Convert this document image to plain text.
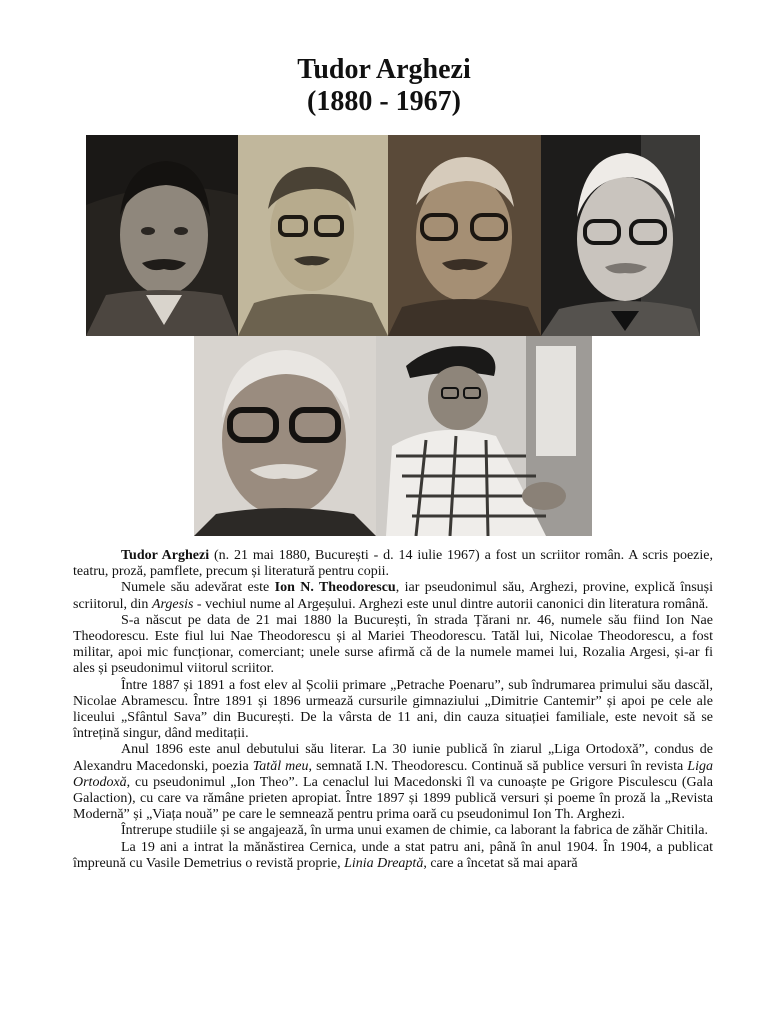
Tudor Arghezi
(1880 - 1967)

Tudor Arghezi (n. 21 mai 1880, București - d. 14 iulie 1967) a fost un scriitor român. A scris poezie, teatru, proză, pamflete, precum și literatură pentru copii.

Numele său adevărat este Ion N. Theodorescu, iar pseudonimul său, Arghezi, provine, explică însuși scriitorul, din Argesis - vechiul nume al Argeșului. Arghezi este unul dintre autorii canonici din literatura română.

S-a născut pe data de 21 mai 1880 la București, în strada Țărani nr. 46, numele său fiind Ion Nae Theodorescu. Este fiul lui Nae Theodorescu și al Mariei Theodorescu. Tatăl lui, Nicolae Theodorescu, a fost militar, apoi mic funcționar, comerciant; unele surse afirmă că de la numele mamei lui, Rozalia Argesi, și-ar fi ales și pseudonimul viitorul scriitor.

Între 1887 și 1891 a fost elev al Școlii primare „Petrache Poenaru”, sub îndrumarea primului său dascăl, Nicolae Abramescu. Între 1891 și 1896 urmează cursurile gimnaziului „Dimitrie Cantemir” și apoi pe cele ale liceului „Sfântul Sava” din București. De la vârsta de 11 ani, din cauza situației familiale, este nevoit să se întrețină singur, dând meditații.

Anul 1896 este anul debutului său literar. La 30 iunie publică în ziarul „Liga Ortodoxă”, condus de Alexandru Macedonski, poezia Tatăl meu, semnată I.N. Theodorescu. Continuă să publice versuri în revista Liga Ortodoxă, cu pseudonimul „Ion Theo”. La cenaclul lui Macedonski îl va cunoaște pe Grigore Pisculescu (Gala Galaction), cu care va rămâne prieten apropiat. Între 1897 și 1899 publică versuri și poeme în proză la „Revista Modernă” și „Viața nouă” pe care le semnează pentru prima oară cu pseudonimul Ion Th. Arghezi.

Întrerupe studiile și se angajează, în urma unui examen de chimie, ca laborant la fabrica de zăhăr Chitila.

La 19 ani a intrat la mănăstirea Cernica, unde a stat patru ani, până în anul 1904. În 1904, a publicat împreună cu Vasile Demetrius o revistă proprie, Linia Dreaptă, care a încetat să mai apară
